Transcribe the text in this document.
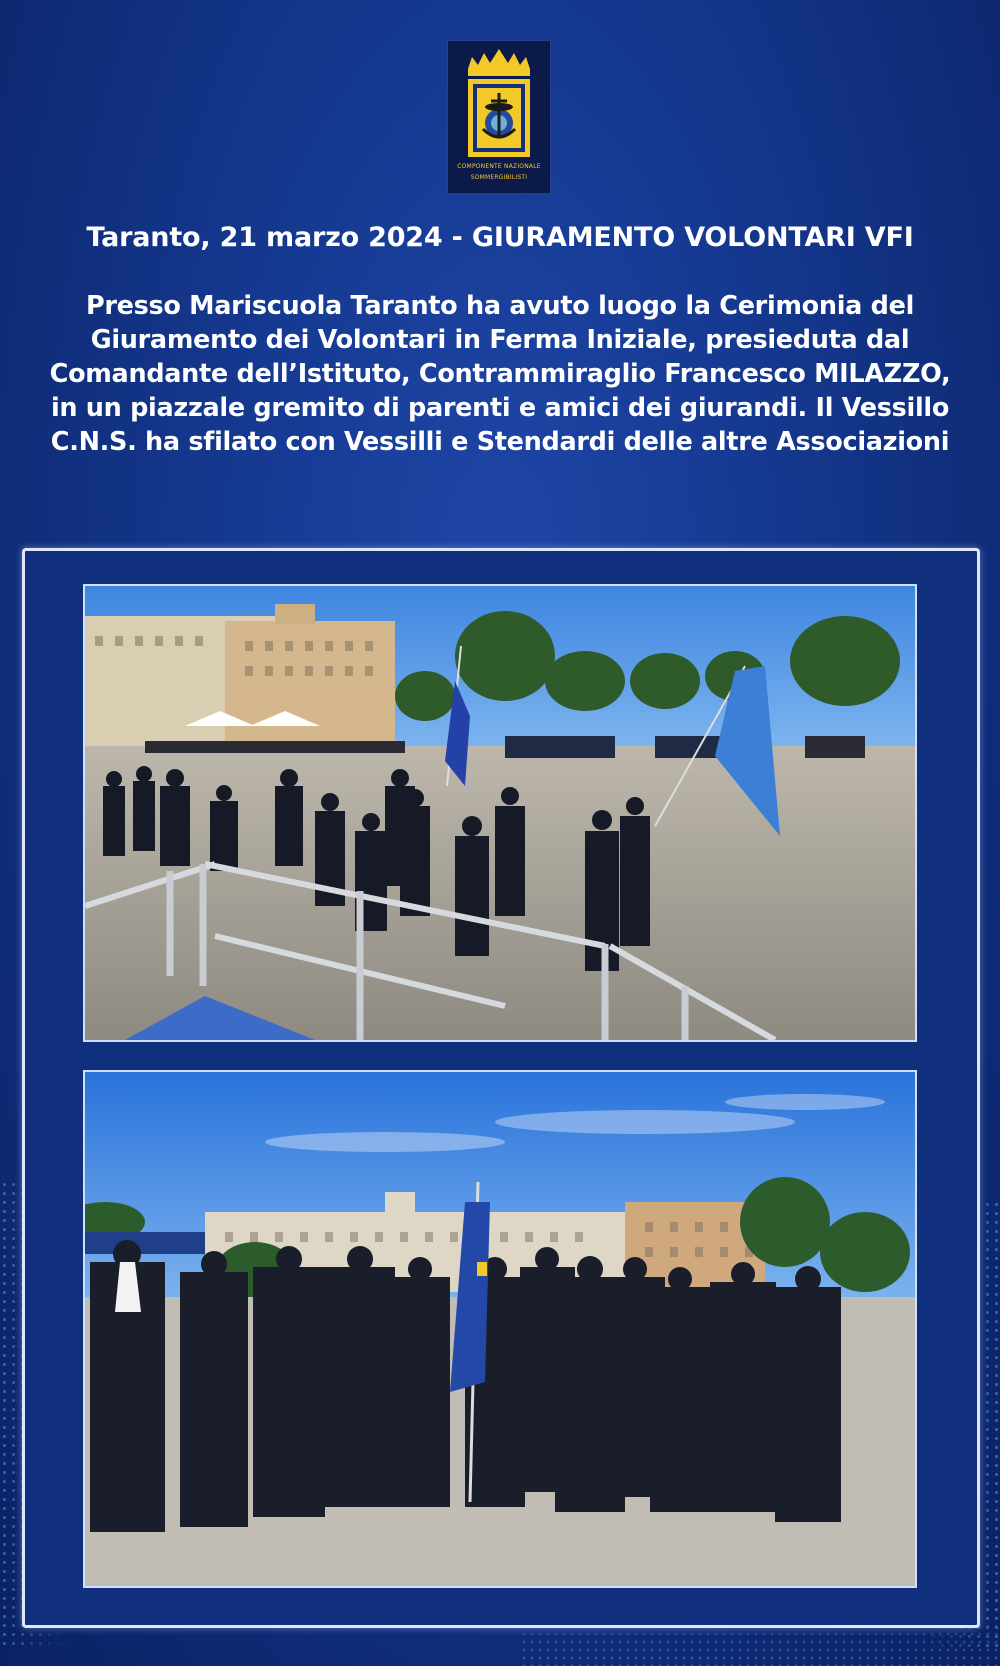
COMPONENTE NAZIONALE
SOMMERGIBILISTI
Taranto, 21 marzo 2024 - GIURAMENTO VOLONTARI VFI
Presso Mariscuola Taranto ha avuto luogo la Cerimonia del
Giuramento dei Volontari in Ferma Iniziale, presieduta dal
Comandante dell’Istituto, Contrammiraglio Francesco MILAZZO,
in un piazzale gremito di parenti e amici dei giurandi. Il Vessillo
C.N.S. ha sfilato con Vessilli e Stendardi delle altre Associazioni
